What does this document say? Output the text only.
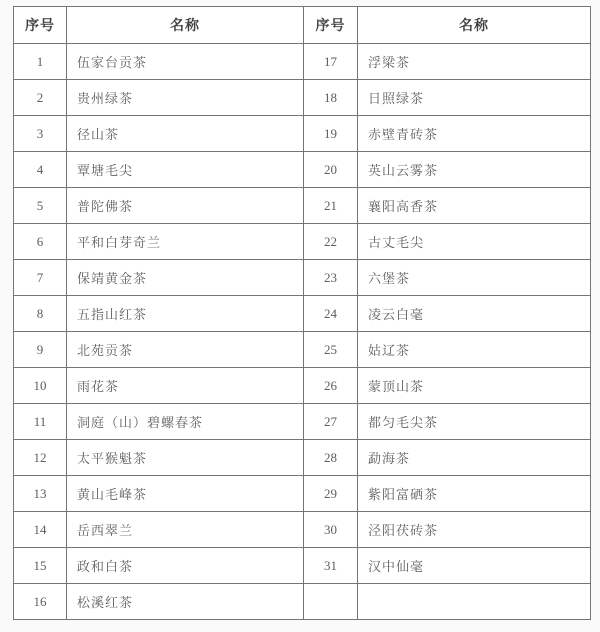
序号	名称	序号	名称
1	伍家台贡茶	17	浮梁茶
2	贵州绿茶	18	日照绿茶
3	径山茶	19	赤壁青砖茶
4	覃塘毛尖	20	英山云雾茶
5	普陀佛茶	21	襄阳高香茶
6	平和白芽奇兰	22	古丈毛尖
7	保靖黄金茶	23	六堡茶
8	五指山红茶	24	凌云白毫
9	北苑贡茶	25	姑辽茶
10	雨花茶	26	蒙顶山茶
11	洞庭（山）碧螺春茶	27	都匀毛尖茶
12	太平猴魁茶	28	勐海茶
13	黄山毛峰茶	29	紫阳富硒茶
14	岳西翠兰	30	泾阳茯砖茶
15	政和白茶	31	汉中仙毫
16	松溪红茶		
